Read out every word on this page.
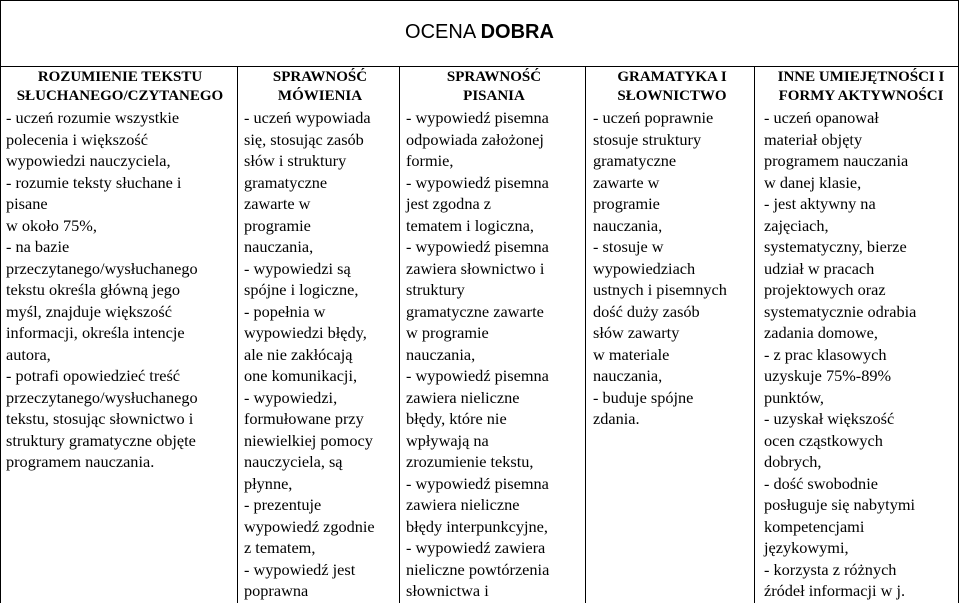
OCENA DOBRA
ROZUMIENIE TEKSTU
SŁUCHANEGO/CZYTANEGO
- uczeń rozumie wszystkie
polecenia i większość
wypowiedzi nauczyciela,
- rozumie teksty słuchane i
pisane
w około 75%,
- na bazie
przeczytanego/wysłuchanego
tekstu określa główną jego
myśl, znajduje większość
informacji, określa intencje
autora,
- potrafi opowiedzieć treść
przeczytanego/wysłuchanego
tekstu, stosując słownictwo i
struktury gramatyczne objęte
programem nauczania.
SPRAWNOŚĆ
MÓWIENIA
- uczeń wypowiada
się, stosując zasób
słów i struktury
gramatyczne
zawarte w
programie
nauczania,
- wypowiedzi są
spójne i logiczne,
- popełnia w
wypowiedzi błędy,
ale nie zakłócają
one komunikacji,
- wypowiedzi,
formułowane przy
niewielkiej pomocy
nauczyciela, są
płynne,
- prezentuje
wypowiedź zgodnie
z tematem,
- wypowiedź jest
poprawna
SPRAWNOŚĆ
PISANIA
- wypowiedź pisemna
odpowiada założonej
formie,
- wypowiedź pisemna
jest zgodna z
tematem i logiczna,
- wypowiedź pisemna
zawiera słownictwo i
struktury
gramatyczne zawarte
w programie
nauczania,
- wypowiedź pisemna
zawiera nieliczne
błędy, które nie
wpływają na
zrozumienie tekstu,
- wypowiedź pisemna
zawiera nieliczne
błędy interpunkcyjne,
- wypowiedź zawiera
nieliczne powtórzenia
słownictwa i
GRAMATYKA I
SŁOWNICTWO
- uczeń poprawnie
stosuje struktury
gramatyczne
zawarte w
programie
nauczania,
- stosuje w
wypowiedziach
ustnych i pisemnych
dość duży zasób
słów zawarty
w materiale
nauczania,
- buduje spójne
zdania.
INNE UMIEJĘTNOŚCI I
FORMY AKTYWNOŚCI
- uczeń opanował
materiał objęty
programem nauczania
w danej klasie,
- jest aktywny na
zajęciach,
systematyczny, bierze
udział w pracach
projektowych oraz
systematycznie odrabia
zadania domowe,
- z prac klasowych
uzyskuje 75%-89%
punktów,
- uzyskał większość
ocen cząstkowych
dobrych,
- dość swobodnie
posługuje się nabytymi
kompetencjami
językowymi,
- korzysta z różnych
źródeł informacji w j.
